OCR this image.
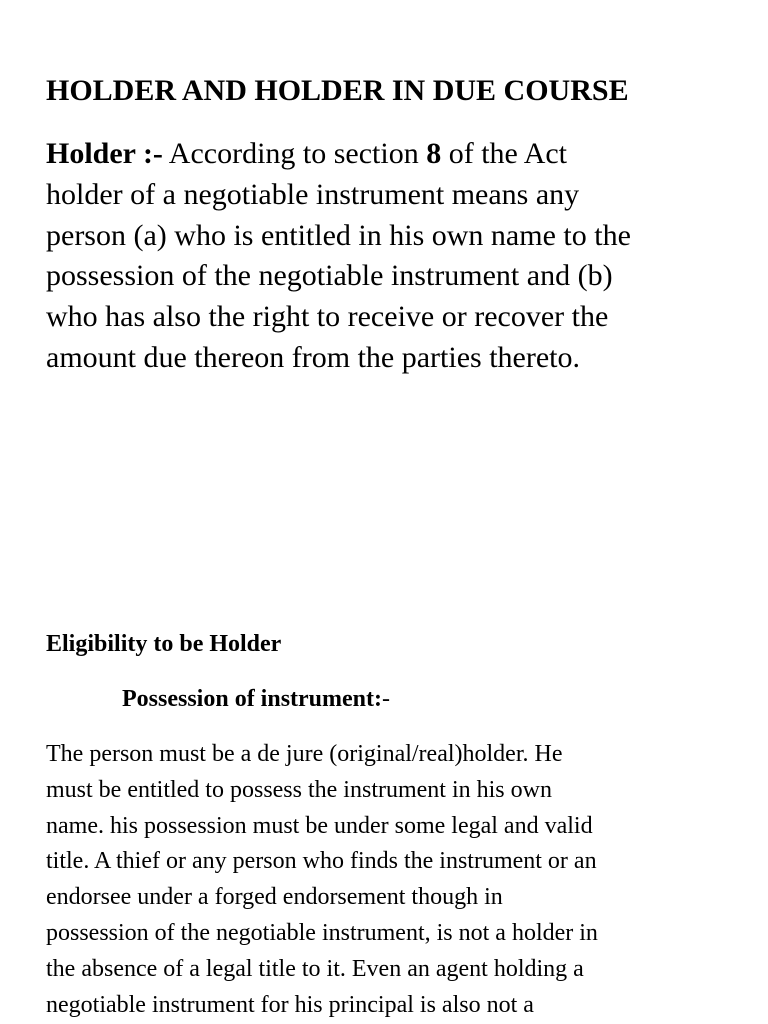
HOLDER AND HOLDER IN DUE COURSE

Holder :- According to section 8 of the Act
holder of a negotiable instrument means any
person (a) who is entitled in his own name to the
possession of the negotiable instrument and (b)
who has also the right to receive or recover the
amount due thereon from the parties thereto.

Eligibility to be Holder

Possession of instrument:-

The person must be a de jure (original/real)holder. He
must be entitled to possess the instrument in his own
name. his possession must be under some legal and valid
title. A thief or any person who finds the instrument or an
endorsee under a forged endorsement though in
possession of the negotiable instrument, is not a holder in
the absence of a legal title to it. Even an agent holding a
negotiable instrument for his principal is also not a
